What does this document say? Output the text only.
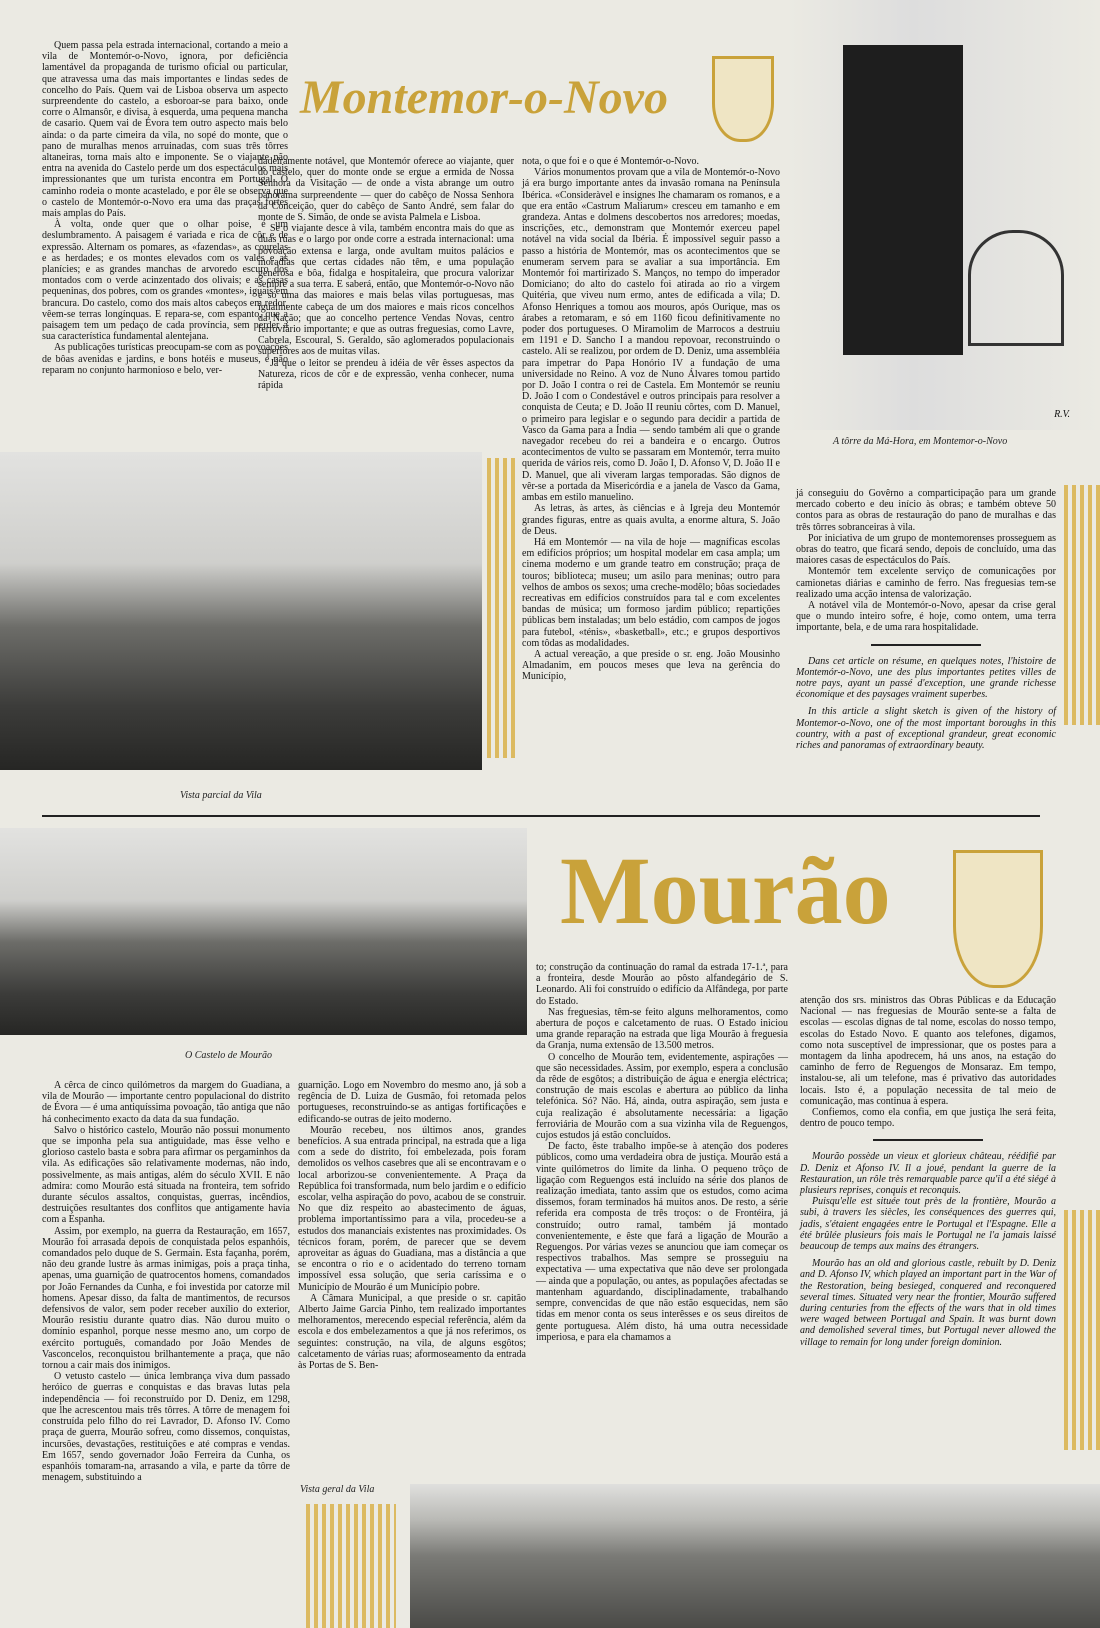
Quem passa pela estrada internacional, cortando a meio a vila de Montemór-o-Novo, ignora, por deficiência lamentável da propaganda de turismo oficial ou particular, que atravessa uma das mais importantes e lindas sedes de concelho do País. Quem vai de Lisboa observa um aspecto surpreendente do castelo, a esboroar-se para baixo, onde corre o Almansôr, e divisa, à esquerda, uma pequena mancha de casario. Quem vai de Évora tem outro aspecto mais belo ainda: o da parte cimeira da vila, no sopé do monte, que o pano de muralhas menos arruinadas, com suas três tôrres altaneiras, torna mais alto e imponente. Se o viajante não entra na avenida do Castelo perde um dos espectáculos mais impressionantes que um turista encontra em Portugal. O caminho rodeia o monte acastelado, e por êle se observa que o castelo de Montemór-o-Novo era uma das praças fortes mais amplas do País.

À volta, onde quer que o olhar poise, é um deslumbramento. A paisagem é variada e rica de côr e de expressão. Alternam os pomares, as «fazendas», as courelas e as herdades; e os montes elevados com os vales e as planícies; e as grandes manchas de arvoredo escuro dos montados com o verde acinzentado dos olivais; e as casas pequeninas, dos pobres, com os grandes «montes», iguais em brancura. Do castelo, como dos mais altos cabeços em redor, vêem-se terras longínquas. E repara-se, com espanto, que a paisagem tem um pedaço de cada província, sem perder a sua característica fundamental alentejana.

As publicações turísticas preocupam-se com as povoações de bôas avenidas e jardins, e bons hotéis e museus, e não reparam no conjunto harmonioso e belo, ver-

Montemor-o-Novo

dadeiramente notável, que Montemór oferece ao viajante, quer do castelo, quer do monte onde se ergue a ermida de Nossa Senhora da Visitação — de onde a vista abrange um outro panorama surpreendente — quer do cabêço de Nossa Senhora da Conceição, quer do cabêço de Santo André, sem falar do monte de S. Simão, de onde se avista Palmela e Lisboa.

Se o viajante desce à vila, também encontra mais do que as duas ruas e o largo por onde corre a estrada internacional: uma povoação extensa e larga, onde avultam muitos palácios e moradias que certas cidades não têm, e uma população generosa e bôa, fidalga e hospitaleira, que procura valorizar sempre a sua terra. E saberá, então, que Montemór-o-Novo não é só uma das maiores e mais belas vilas portuguesas, mas igualmente cabeça de um dos maiores e mais ricos concelhos da Nação; que ao concelho pertence Vendas Novas, centro ferroviário importante; e que as outras freguesias, como Lavre, Cabrela, Escoural, S. Geraldo, são aglomerados populacionais superiores aos de muitas vilas.

Já que o leitor se prendeu à idéia de vêr êsses aspectos da Natureza, ricos de côr e de expressão, venha conhecer, numa rápida

nota, o que foi e o que é Montemór-o-Novo.

Vários monumentos provam que a vila de Montemór-o-Novo já era burgo importante antes da invasão romana na Península Ibérica. «Consideràvel e insignes lhe chamaram os romanos, e a que era então «Castrum Maliarum» cresceu em tamanho e em grandeza. Antas e dolmens descobertos nos arredores; moedas, inscrições, etc., demonstram que Montemór exerceu papel notável na vida social da Ibéria. É impossível seguir passo a passo a história de Montemór, mas os acontecimentos que se enumeram servem para se avaliar a sua importância. Em Montemór foi martirizado S. Manços, no tempo do imperador Domiciano; do alto do castelo foi atirada ao rio a virgem Quitéria, que viveu num ermo, antes de edificada a vila; D. Afonso Henriques a tomou aos mouros, após Ourique, mas os árabes a retomaram, e só em 1160 ficou definitivamente no poder dos portugueses. O Miramolim de Marrocos a destruiu em 1191 e D. Sancho I a mandou repovoar, reconstruindo o castelo. Ali se realizou, por ordem de D. Deniz, uma assembléia para impetrar do Papa Honório IV a fundação de uma universidade no Reino. A voz de Nuno Álvares tomou partido por D. João I contra o rei de Castela. Em Montemór se reuniu D. João I com o Condestável e outros principais para resolver a conquista de Ceuta; e D. João II reuniu côrtes, com D. Manuel, o primeiro para legislar e o segundo para decidir a partida de Vasco da Gama para a Índia — sendo também ali que o grande navegador recebeu do rei a bandeira e o encargo. Outros acontecimentos de vulto se passaram em Montemór, terra muito querida de vários reis, como D. João I, D. Afonso V, D. João II e D. Manuel, que ali viveram largas temporadas. São dignos de vêr-se a portada da Misericórdia e a janela de Vasco da Gama, ambas em estilo manuelino.

As letras, às artes, às ciências e à Igreja deu Montemór grandes figuras, entre as quais avulta, a enorme altura, S. João de Deus.

Há em Montemór — na vila de hoje — magníficas escolas em edifícios próprios; um hospital modelar em casa ampla; um cinema moderno e um grande teatro em construção; praça de touros; biblioteca; museu; um asilo para meninas; outro para velhos de ambos os sexos; uma creche-modêlo; bôas sociedades recreativas em edifícios construídos para tal e com excelentes bandas de música; um formoso jardim público; repartições públicas bem instaladas; um belo estádio, com campos de jogos para futebol, «ténis», «basketball», etc.; e grupos desportivos com tôdas as modalidades.

A actual vereação, a que preside o sr. eng. João Mousinho Almadanim, em poucos meses que leva na gerência do Município,

R.V.
A tôrre da Má-Hora, em Montemor-o-Novo
Vista parcial da Vila

já conseguiu do Govêrno a comparticipação para um grande mercado coberto e deu início às obras; e também obteve 50 contos para as obras de restauração do pano de muralhas e das três tôrres sobranceiras à vila.

Por iniciativa de um grupo de montemorenses prosseguem as obras do teatro, que ficará sendo, depois de concluído, uma das maiores casas de espectáculos do País.

Montemór tem excelente serviço de comunicações por camionetas diárias e caminho de ferro. Nas freguesias tem-se realizado uma acção intensa de valorização.

A notável vila de Montemór-o-Novo, apesar da crise geral que o mundo inteiro sofre, é hoje, como ontem, uma terra importante, bela, e de uma rara hospitalidade.

Dans cet article on résume, en quelques notes, l'histoire de Montemór-o-Novo, une des plus importantes petites villes de notre pays, ayant un passé d'exception, une grande richesse économique et des paysages vraiment superbes.

In this article a slight sketch is given of the history of Montemor-o-Novo, one of the most important boroughs in this country, with a past of exceptional grandeur, great economic riches and panoramas of extraordinary beauty.

O Castelo de Mourão
Mourão

A cêrca de cinco quilómetros da margem do Guadiana, a vila de Mourão — importante centro populacional do distrito de Évora — é uma antiquíssima povoação, tão antiga que não há conhecimento exacto da data da sua fundação.

Salvo o histórico castelo, Mourão não possui monumento que se imponha pela sua antiguidade, mas êsse velho e glorioso castelo basta e sobra para afirmar os pergaminhos da vila. As edificações são relativamente modernas, não indo, possìvelmente, as mais antigas, além do século XVII. E não admira: como Mourão está situada na fronteira, tem sofrido durante séculos assaltos, conquistas, guerras, incêndios, destruições resultantes dos conflitos que antigamente havia com a Espanha.

Assim, por exemplo, na guerra da Restauração, em 1657, Mourão foi arrasada depois de conquistada pelos espanhóis, comandados pelo duque de S. Germain. Esta façanha, porém, não deu grande lustre às armas inimigas, pois a praça tinha, apenas, uma guarnição de quatrocentos homens, comandados por João Fernandes da Cunha, e foi investida por catorze mil homens. Apesar disso, da falta de mantimentos, de recursos defensivos de valor, sem poder receber auxílio do exterior, Mourão resistiu durante quatro dias. Não durou muito o domínio espanhol, porque nesse mesmo ano, um corpo de exército português, comandado por João Mendes de Vasconcelos, reconquistou brilhantemente a praça, que não tornou a cair mais dos inimigos.

O vetusto castelo — única lembrança viva dum passado heróico de guerras e conquistas e das bravas lutas pela independência — foi reconstruído por D. Deniz, em 1298, que lhe acrescentou mais três tôrres. A tôrre de menagem foi construída pelo filho do rei Lavrador, D. Afonso IV. Como praça de guerra, Mourão sofreu, como dissemos, conquistas, incursões, devastações, restituições e até compras e vendas. Em 1657, sendo governador João Ferreira da Cunha, os espanhóis tomaram-na, arrasando a vila, e parte da tôrre de menagem, substituindo a

guarnição. Logo em Novembro do mesmo ano, já sob a regência de D. Luiza de Gusmão, foi retomada pelos portugueses, reconstruindo-se as antigas fortificações e edificando-se outras de jeito moderno.

Mourão recebeu, nos últimos anos, grandes benefícios. A sua entrada principal, na estrada que a liga com a sede do distrito, foi embelezada, pois foram demolidos os velhos casebres que ali se encontravam e o local arborizou-se convenientemente. A Praça da República foi transformada, num belo jardim e o edifício escolar, velha aspiração do povo, acabou de se construir. No que diz respeito ao abastecimento de águas, problema importantíssimo para a vila, procedeu-se a estudos dos mananciais existentes nas proximidades. Os técnicos foram, porém, de parecer que se devem aproveitar as águas do Guadiana, mas a distância a que se encontra o rio e o acidentado do terreno tornam impossível essa solução, que seria caríssima e o Município de Mourão é um Município pobre.

A Câmara Municipal, a que preside o sr. capitão Alberto Jaime Garcia Pinho, tem realizado importantes melhoramentos, merecendo especial referência, além da escola e dos embelezamentos a que já nos referimos, os seguintes: construção, na vila, de alguns esgôtos; calcetamento de várias ruas; aformoseamento da entrada às Portas de S. Ben-

to; construção da continuação do ramal da estrada 17-1.ª, para a fronteira, desde Mourão ao pôsto alfandegário de S. Leonardo. Ali foi construído o edifício da Alfândega, por parte do Estado.

Nas freguesias, têm-se feito alguns melhoramentos, como abertura de poços e calcetamento de ruas. O Estado iniciou uma grande reparação na estrada que liga Mourão à freguesia da Granja, numa extensão de 13.500 metros.

O concelho de Mourão tem, evidentemente, aspirações — que são necessidades. Assim, por exemplo, espera a conclusão da rêde de esgôtos; a distribuição de água e energia eléctrica; construção de mais escolas e abertura ao público da linha telefónica. Só? Não. Há, ainda, outra aspiração, sem justa e cuja realização é absolutamente necessária: a ligação ferroviária de Mourão com a sua vizinha vila de Reguengos, cujos estudos já estão concluídos.

De facto, êste trabalho impõe-se à atenção dos poderes públicos, como uma verdadeira obra de justiça. Mourão está a vinte quilómetros do limite da linha. O pequeno trôço de ligação com Reguengos está incluído na série dos planos de realização imediata, tanto assim que os estudos, como acima dissemos, foram terminados há muitos anos. De resto, a série referida era composta de três troços: o de Frontéira, já construído; outro ramal, também já montado convenientemente, e êste que fará a ligação de Mourão a Reguengos. Por várias vezes se anunciou que iam começar os respectivos trabalhos. Mas sempre se prosseguiu na expectativa — uma expectativa que não deve ser prolongada — ainda que a população, ou antes, as populações afectadas se mantenham aguardando, disciplinadamente, trabalhando sempre, convencidas de que não estão esquecidas, nem são tidas em menor conta os seus interêsses e os seus direitos de gente portuguesa. Além disto, há uma outra necessidade imperiosa, e para ela chamamos a

atenção dos srs. ministros das Obras Públicas e da Educação Nacional — nas freguesias de Mourão sente-se a falta de escolas — escolas dignas de tal nome, escolas do nosso tempo, escolas do Estado Novo. E quanto aos telefones, digamos, como nota susceptível de impressionar, que os postes para a montagem da linha apodrecem, há uns anos, na estação do caminho de ferro de Reguengos de Monsaraz. Em tempo, instalou-se, ali um telefone, mas é privativo das autoridades locais. Isto é, a população necessita de tal meio de comunicação, mas continua à espera.

Confiemos, como ela confia, em que justiça lhe será feita, dentro de pouco tempo.

Mourão possède un vieux et glorieux château, réédifié par D. Deniz et Afonso IV. Il a joué, pendant la guerre de la Restauration, un rôle très remarquable parce qu'il a été siégé à plusieurs reprises, conquis et reconquis.

Puisqu'elle est située tout près de la frontière, Mourão a subi, à travers les siècles, les conséquences des guerres qui, jadis, s'étaient engagées entre le Portugal et l'Espagne. Elle a été brûlée plusieurs fois mais le Portugal ne l'a jamais laissé beaucoup de temps aux mains des étrangers.

Mourão has an old and glorious castle, rebuilt by D. Deniz and D. Afonso IV, which played an important part in the War of the Restoration, being besieged, conquered and reconquered several times. Situated very near the frontier, Mourão suffered during centuries from the effects of the wars that in old times were waged between Portugal and Spain. It was burnt down and demolished several times, but Portugal never allowed the village to remain for long under foreign dominion.

Vista geral da Vila
